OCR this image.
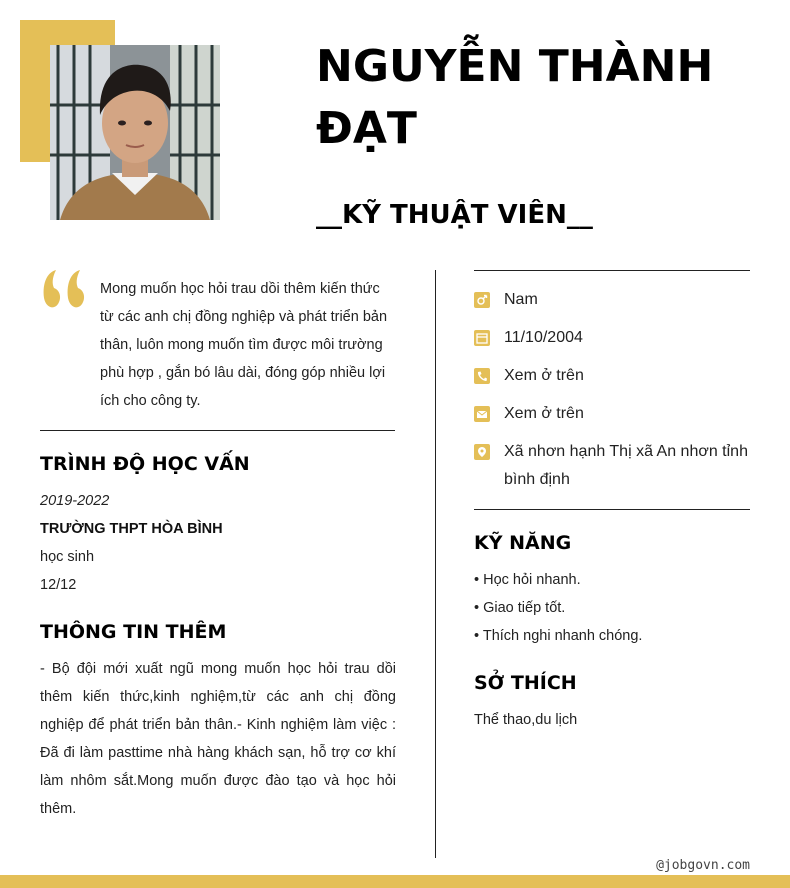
NGUYỄN THÀNH ĐẠT
__KỸ THUẬT VIÊN__
Mong muốn học hỏi trau dồi thêm kiến thức từ các anh chị đồng nghiệp và phát triển bản thân, luôn mong muốn tìm được môi trường phù hợp , gắn bó lâu dài, đóng góp nhiều lợi ích cho công ty.
TRÌNH ĐỘ HỌC VẤN
2019-2022
TRƯỜNG THPT HÒA BÌNH
học sinh
12/12
THÔNG TIN THÊM
- Bộ đội mới xuất ngũ mong muốn học hỏi trau dồi thêm kiến thức,kinh nghiệm,từ các anh chị đồng nghiệp để phát triển bản thân.- Kinh nghiệm làm việc : Đã đi làm pasttime nhà hàng khách sạn, hỗ trợ cơ khí làm nhôm sắt.Mong muốn được đào tạo và học hỏi thêm.
Nam
11/10/2004
Xem ở trên
Xem ở trên
Xã nhơn hạnh Thị xã An nhơn tỉnh bình định
KỸ NĂNG
• Học hỏi nhanh.
• Giao tiếp tốt.
• Thích nghi nhanh chóng.
SỞ THÍCH
Thể thao,du lịch
@jobgovn.com
